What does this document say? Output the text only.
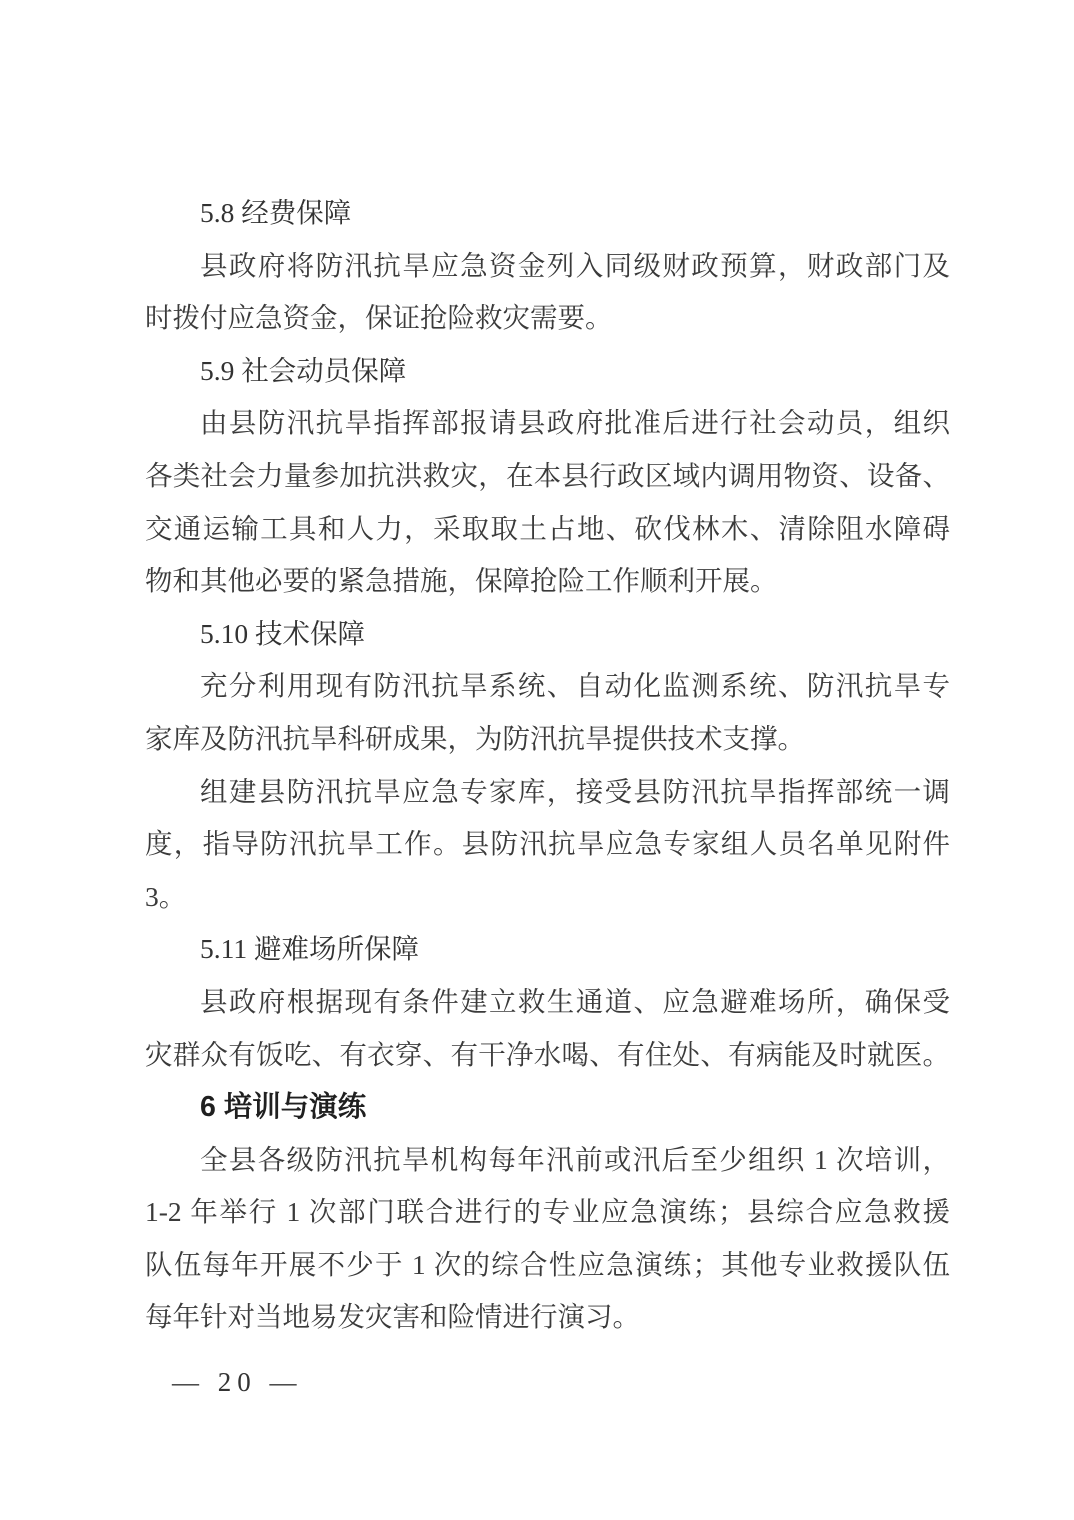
5.8 经费保障
县政府将防汛抗旱应急资金列入同级财政预算，财政部门及
时拨付应急资金，保证抢险救灾需要。
5.9 社会动员保障
由县防汛抗旱指挥部报请县政府批准后进行社会动员，组织
各类社会力量参加抗洪救灾，在本县行政区域内调用物资、设备、
交通运输工具和人力，采取取土占地、砍伐林木、清除阻水障碍
物和其他必要的紧急措施，保障抢险工作顺利开展。
5.10 技术保障
充分利用现有防汛抗旱系统、自动化监测系统、防汛抗旱专
家库及防汛抗旱科研成果，为防汛抗旱提供技术支撑。
组建县防汛抗旱应急专家库，接受县防汛抗旱指挥部统一调
度，指导防汛抗旱工作。县防汛抗旱应急专家组人员名单见附件
3。
5.11 避难场所保障
县政府根据现有条件建立救生通道、应急避难场所，确保受
灾群众有饭吃、有衣穿、有干净水喝、有住处、有病能及时就医。
6 培训与演练
全县各级防汛抗旱机构每年汛前或汛后至少组织 1 次培训，
1-2 年举行 1 次部门联合进行的专业应急演练；县综合应急救援
队伍每年开展不少于 1 次的综合性应急演练；其他专业救援队伍
每年针对当地易发灾害和险情进行演习。
— 20 —
